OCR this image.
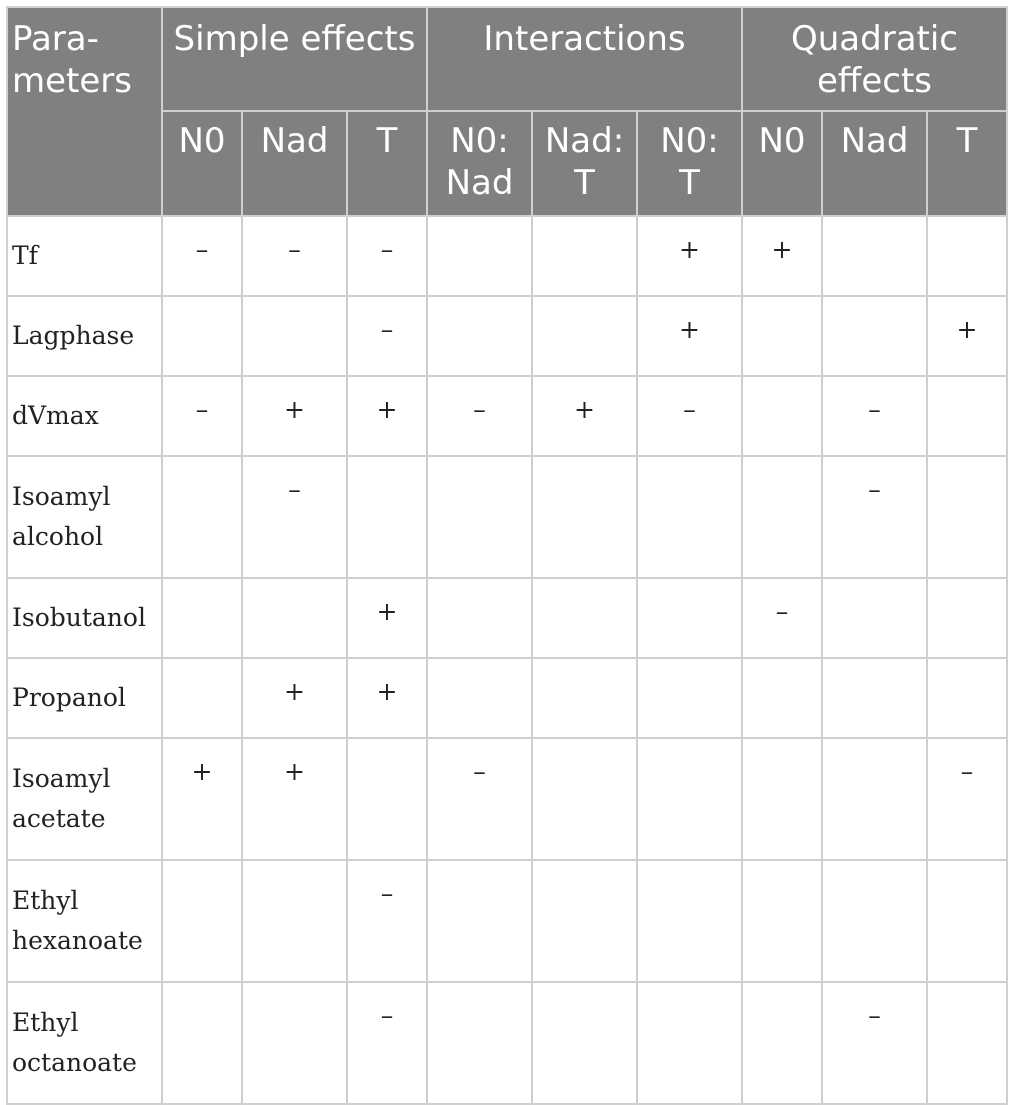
Para-
meters	Simple effects			Interactions			Quadratic
effects		
	N0	Nad	T	N0:
Nad	Nad:
T	N0:
T	N0	Nad	T
Tf	–	–	–			+	+		
Lagphase			–			+			+
dVmax	–	+	+	–	+	–		–	
Isoamyl
alcohol		–						–	
Isobutanol			+				–		
Propanol		+	+						
Isoamyl
acetate	+	+		–					–
Ethyl
hexanoate			–						
Ethyl
octanoate			–					–	
